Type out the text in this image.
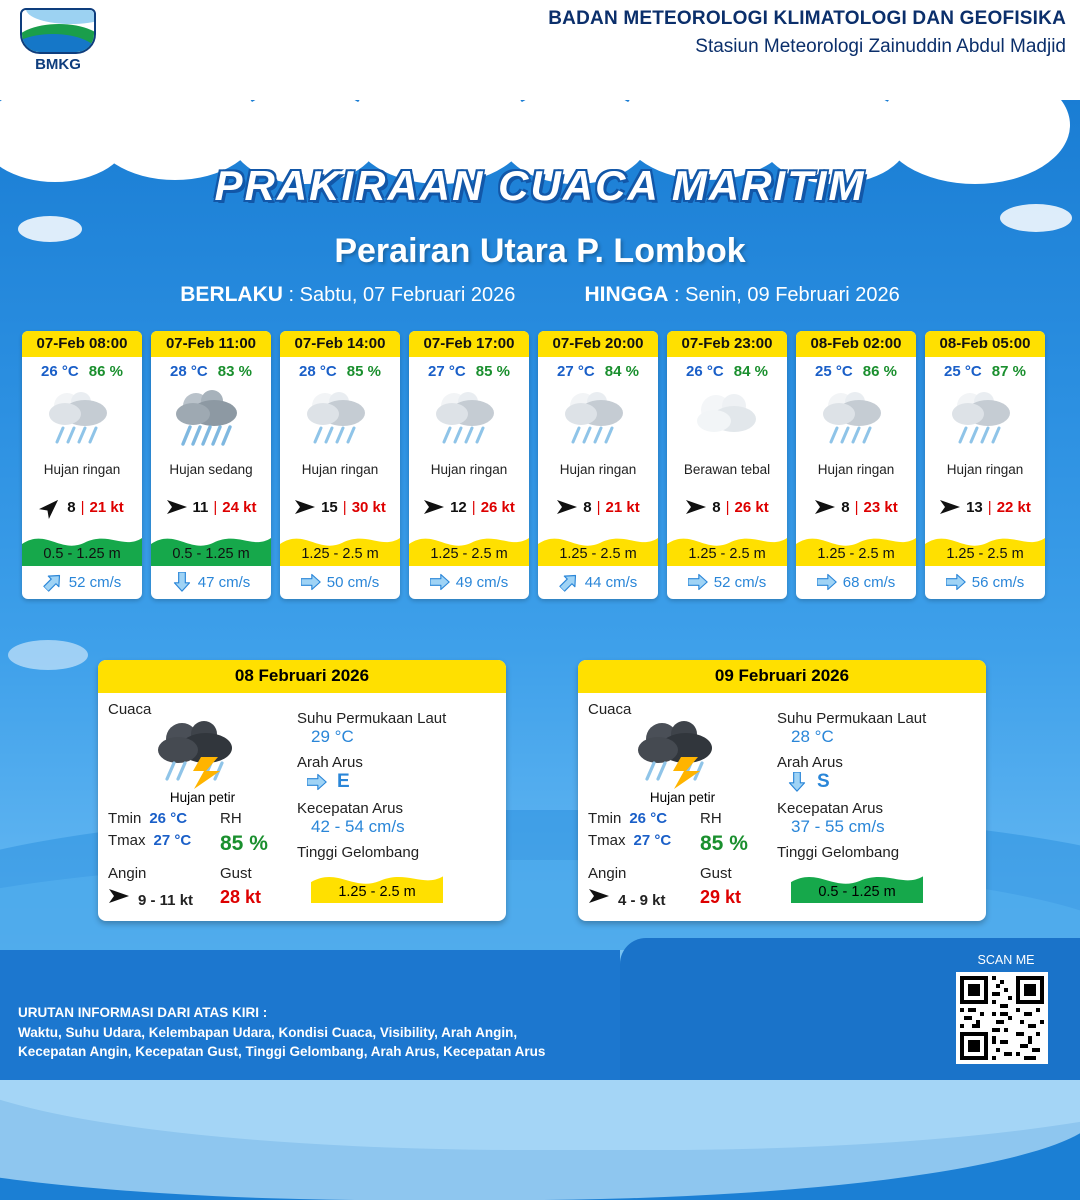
BMKG
BADAN METEOROLOGI KLIMATOLOGI DAN GEOFISIKA
Stasiun Meteorologi Zainuddin Abdul Madjid
PRAKIRAAN CUACA MARITIM
Perairan Utara P. Lombok
BERLAKU : Sabtu, 07 Februari 2026	HINGGA : Senin, 09 Februari 2026
07-Feb 08:00
26 °C 86 %
Hujan ringan
8 | 21 kt
0.5 - 1.25 m
52 cm/s
07-Feb 11:00
28 °C 83 %
Hujan sedang
11 | 24 kt
0.5 - 1.25 m
47 cm/s
07-Feb 14:00
28 °C 85 %
Hujan ringan
15 | 30 kt
1.25 - 2.5 m
50 cm/s
07-Feb 17:00
27 °C 85 %
Hujan ringan
12 | 26 kt
1.25 - 2.5 m
49 cm/s
07-Feb 20:00
27 °C 84 %
Hujan ringan
8 | 21 kt
1.25 - 2.5 m
44 cm/s
07-Feb 23:00
26 °C 84 %
Berawan tebal
8 | 26 kt
1.25 - 2.5 m
52 cm/s
08-Feb 02:00
25 °C 86 %
Hujan ringan
8 | 23 kt
1.25 - 2.5 m
68 cm/s
08-Feb 05:00
25 °C 87 %
Hujan ringan
13 | 22 kt
1.25 - 2.5 m
56 cm/s
08 Februari 2026
Cuaca
Hujan petir
Tmin 26 °C
Tmax 27 °C
RH
85 %
Angin
9 - 11 kt
Gust
28 kt
Suhu Permukaan Laut
29 °C
Arah Arus
E
Kecepatan Arus
42 - 54 cm/s
Tinggi Gelombang
1.25 - 2.5 m
09 Februari 2026
Cuaca
Hujan petir
Tmin 26 °C
Tmax 27 °C
RH
85 %
Angin
4 - 9 kt
Gust
29 kt
Suhu Permukaan Laut
28 °C
Arah Arus
S
Kecepatan Arus
37 - 55 cm/s
Tinggi Gelombang
0.5 - 1.25 m
URUTAN INFORMASI DARI ATAS KIRI :
Waktu, Suhu Udara, Kelembapan Udara, Kondisi Cuaca, Visibility, Arah Angin,
Kecepatan Angin, Kecepatan Gust, Tinggi Gelombang, Arah Arus, Kecepatan Arus
SCAN ME
